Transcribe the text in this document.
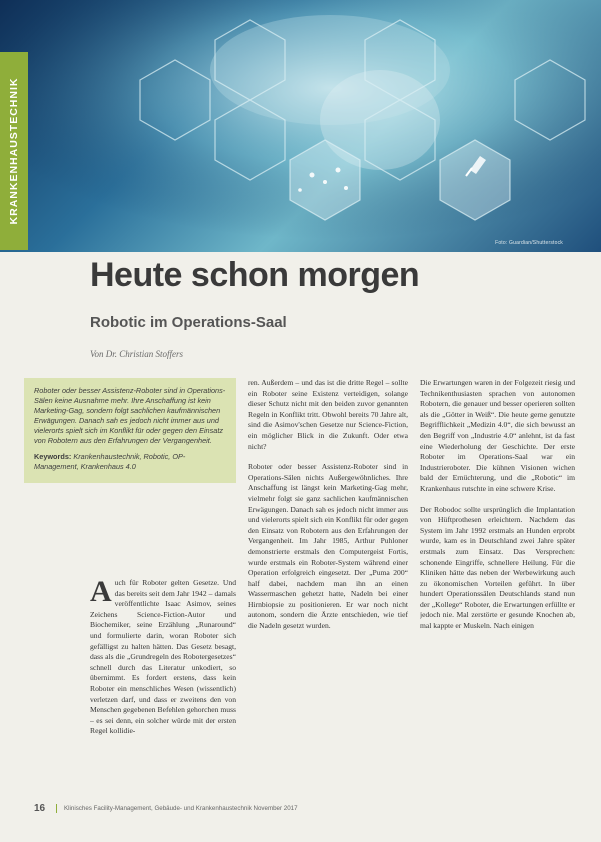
Foto: Guardian/Shutterstock
KRANKENHAUSTECHNIK
Heute schon morgen
Robotic im Operations-Saal
Von Dr. Christian Stoffers

Roboter oder besser Assistenz-Roboter sind in Operations-Sälen keine Ausnahme mehr. Ihre Anschaffung ist kein Marketing-Gag, sondern folgt sachlichen kaufmännischen Erwägungen. Danach sah es jedoch nicht immer aus und vielerorts spielt sich im Konflikt für oder gegen den Einsatz von Robotern aus den Erfahrungen der Vergangenheit.

Keywords: Krankenhaustechnik, Robotic, OP-Management, Krankenhaus 4.0

Auch für Roboter gelten Gesetze. Und das bereits seit dem Jahr 1942 – damals veröffentlichte Isaac Asimov, seines Zeichens Science-Fiction-Autor und Biochemiker, seine Erzählung „Runaround“ und formulierte darin, woran Roboter sich gefälligst zu halten hätten. Das Gesetz besagt, dass als die „Grundregeln des Robotergesetzes“ schnell durch das Literatur unkodiert, so übernimmt. Es fordert erstens, dass kein Roboter ein menschliches Wesen (wissentlich) verletzen darf, und dass er zweitens den von Menschen gegebenen Befehlen gehorchen muss – es sei denn, ein solcher würde mit der ersten Regel kollidie-

ren. Außerdem – und das ist die dritte Regel – sollte ein Roboter seine Existenz verteidigen, solange dieser Schutz nicht mit den beiden zuvor genannten Regeln in Konflikt tritt. Obwohl bereits 70 Jahre alt, sind die Asimov'schen Gesetze nur Science-Fiction, ein möglicher Blick in die Zukunft. Oder etwa nicht?

Roboter oder besser Assistenz-Roboter sind in Operations-Sälen nichts Außergewöhnliches. Ihre Anschaffung ist längst kein Marketing-Gag mehr, vielmehr folgt sie ganz sachlichen kaufmännischen Erwägungen. Danach sah es jedoch nicht immer aus und vielerorts spielt sich ein Konflikt für oder gegen den Einsatz von Robotern aus den Erfahrungen der Vergangenheit. Im Jahr 1985, Arthur Puhloner demonstrierte erstmals den Computergeist Fortis, wurde erstmals ein Roboter-System während einer Operation erfolgreich eingesetzt. Der „Puma 200“ half dabei, nachdem man ihn an einen Wassermaschen gehetzt hatte, Nadeln bei einer Hirnbiopsie zu positionieren. Er war noch nicht autonom, sondern die Ärzte entschieden, wie tief die Nadeln gesetzt wurden.

Die Erwartungen waren in der Folgezeit riesig und Technikenthusiasten sprachen von autonomen Robotern, die genauer und besser operieren sollten als die „Götter in Weiß“. Die heute gerne genutzte Begrifflichkeit „Medizin 4.0“, die sich bewusst an den Begriff von „Industrie 4.0“ anlehnt, ist da fast eine Wiederholung der Geschichte. Der erste Roboter im Operations-Saal war ein Industrieroboter. Die kühnen Visionen wichen bald der Ernüchterung, und die „Robotic“ im Krankenhaus rutschte in eine schwere Krise.

Der Robodoc sollte ursprünglich die Implantation von Hüftprothesen erleichtern. Nachdem das System im Jahr 1992 erstmals an Hunden erprobt wurde, kam es in Deutschland zwei Jahre später erstmals zum Einsatz. Das Versprechen: schonende Eingriffe, schnellere Heilung. Für die Kliniken hätte das neben der Werbewirkung auch zu ökonomischen Vorteilen geführt. In über hundert Operationssälen Deutschlands stand nun der „Kollege“ Roboter, die Erwartungen erfüllte er jedoch nie. Mal zerstörte er gesunde Knochen ab, mal kappte er Muskeln. Nach einigen

16	Klinisches Facility-Management, Gebäude- und Krankenhaustechnik November 2017
